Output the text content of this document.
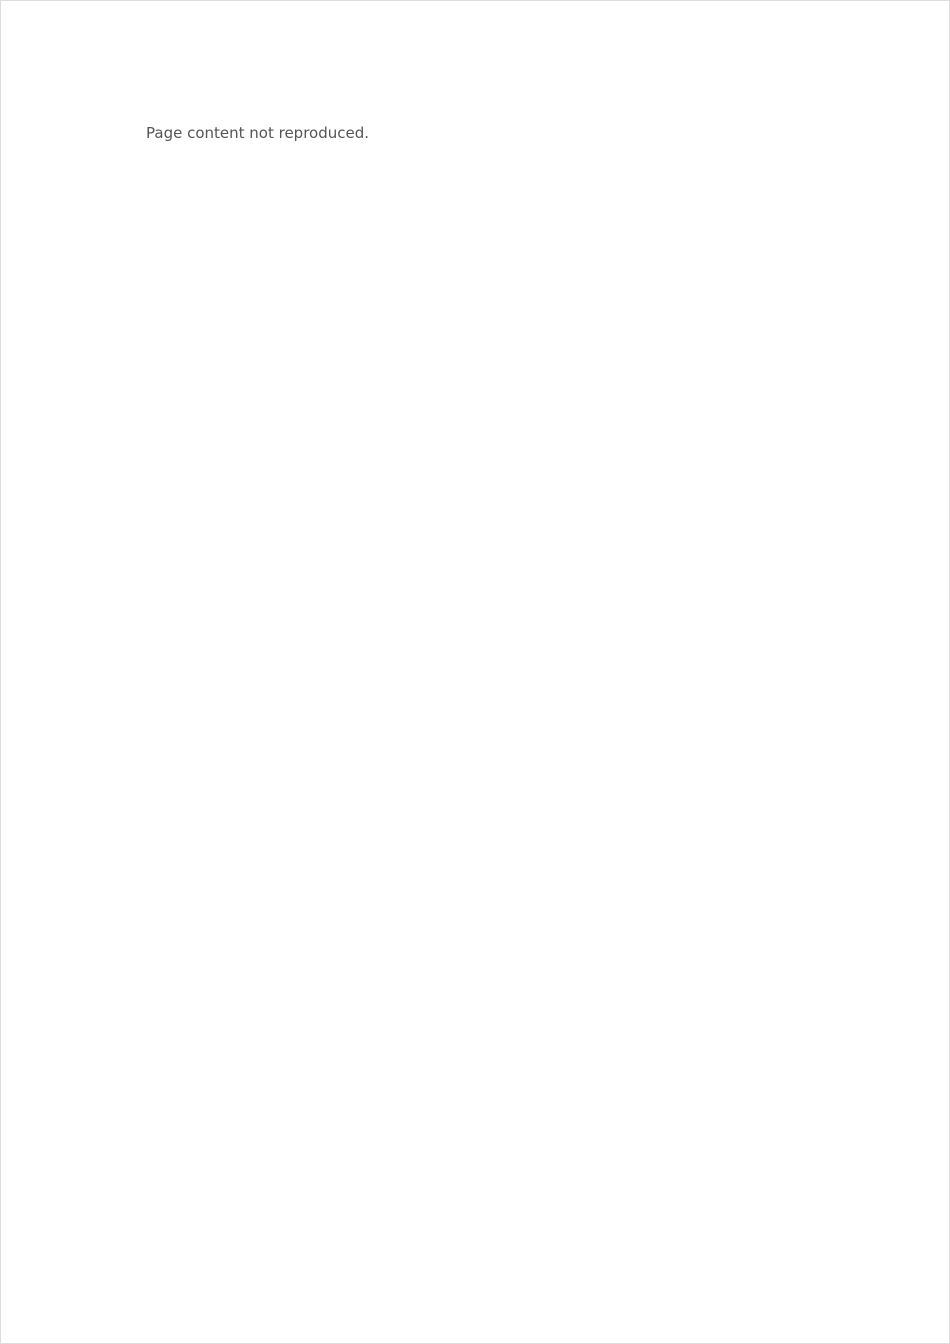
Page content not reproduced.
